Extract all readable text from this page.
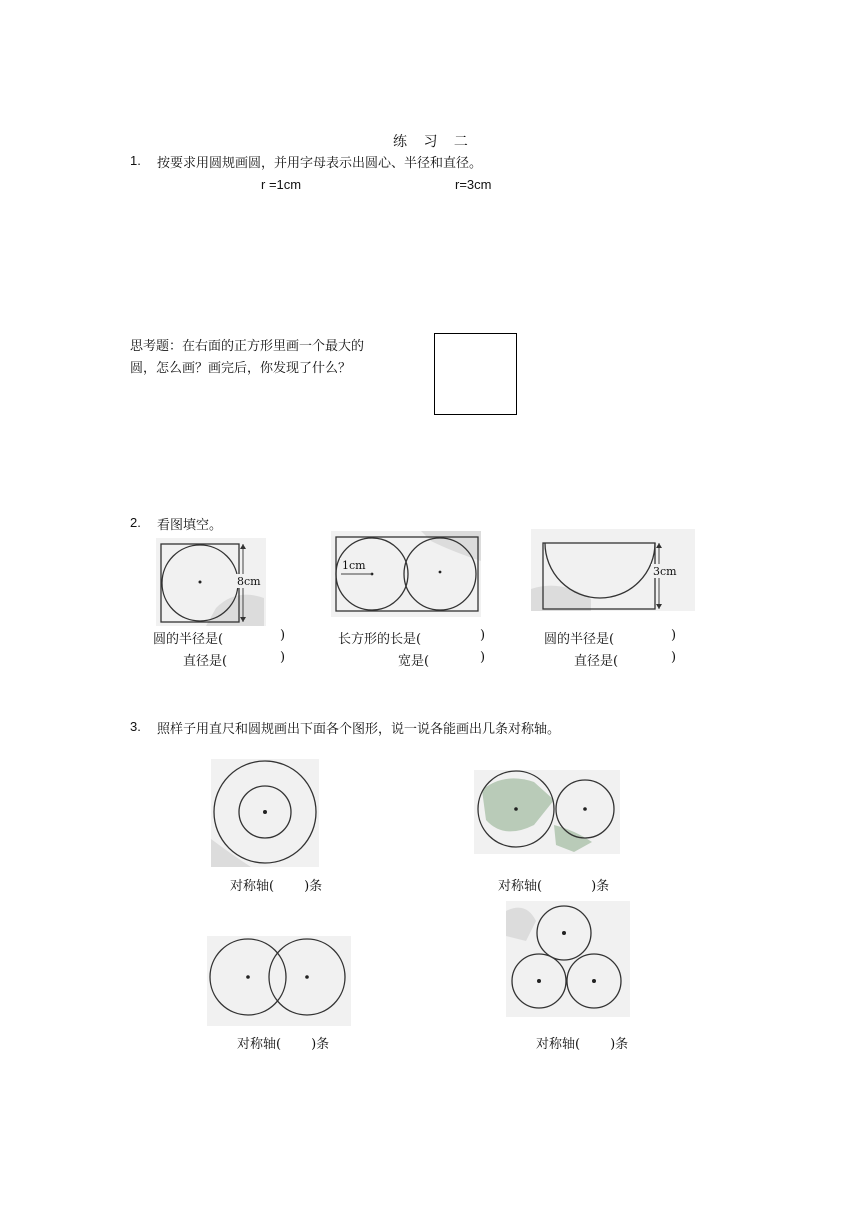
练 习 二
1. 按要求用圆规画圆，并用字母表示出圆心、半径和直径。
r =1cm	r=3cm
思考题：在右面的正方形里画一个最大的
圆，怎么画？画完后，你发现了什么？
2. 看图填空。
8cm
1cm	3cm
圆的半径是(	)
直径是(	)
长方形的长是(	)
宽是(	)
圆的半径是(	)
直径是(	)
3. 照样子用直尺和圆规画出下面各个图形，说一说各能画出几条对称轴。
对称轴( )条	对称轴(	)条
对称轴( )条	对称轴( )条
